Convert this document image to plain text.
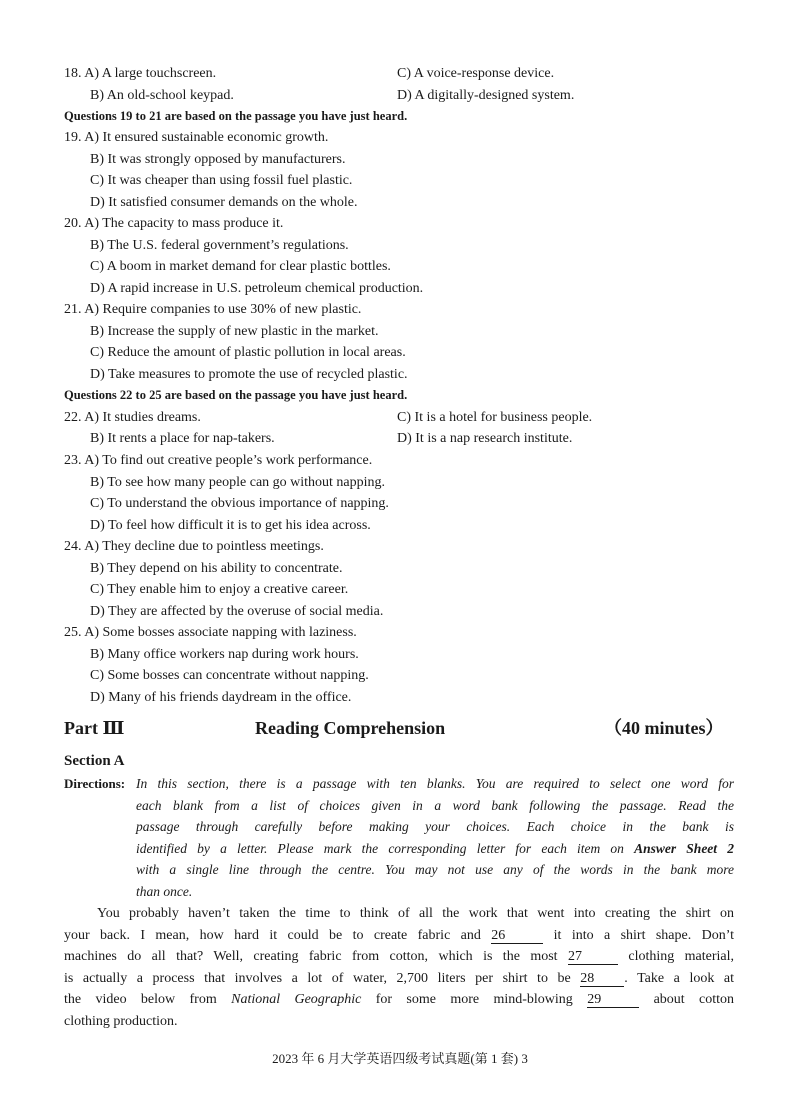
18. A) A large touchscreen.	C) A voice-response device.
B) An old-school keypad.	D) A digitally-designed system.
Questions 19 to 21 are based on the passage you have just heard.
19. A) It ensured sustainable economic growth.
B) It was strongly opposed by manufacturers.
C) It was cheaper than using fossil fuel plastic.
D) It satisfied consumer demands on the whole.
20. A) The capacity to mass produce it.
B) The U.S. federal government’s regulations.
C) A boom in market demand for clear plastic bottles.
D) A rapid increase in U.S. petroleum chemical production.
21. A) Require companies to use 30% of new plastic.
B) Increase the supply of new plastic in the market.
C) Reduce the amount of plastic pollution in local areas.
D) Take measures to promote the use of recycled plastic.
Questions 22 to 25 are based on the passage you have just heard.
22. A) It studies dreams.	C) It is a hotel for business people.
B) It rents a place for nap-takers.	D) It is a nap research institute.
23. A) To find out creative people’s work performance.
B) To see how many people can go without napping.
C) To understand the obvious importance of napping.
D) To feel how difficult it is to get his idea across.
24. A) They decline due to pointless meetings.
B) They depend on his ability to concentrate.
C) They enable him to enjoy a creative career.
D) They are affected by the overuse of social media.
25. A) Some bosses associate napping with laziness.
B) Many office workers nap during work hours.
C) Some bosses can concentrate without napping.
D) Many of his friends daydream in the office.
Part Ⅲ	Reading Comprehension	（40 minutes）
Section A
Directions: In this section, there is a passage with ten blanks. You are required to select one word for
each blank from a list of choices given in a word bank following the passage. Read the
passage through carefully before making your choices. Each choice in the bank is
identified by a letter. Please mark the corresponding letter for each item on Answer Sheet 2
with a single line through the centre. You may not use any of the words in the bank more
than once.
You probably haven’t taken the time to think of all the work that went into creating the shirt on
your back. I mean, how hard it could be to create fabric and 26	it into a shirt shape. Don’t
machines do all that? Well, creating fabric from cotton, which is the most 27	clothing material,
is actually a process that involves a lot of water, 2,700 liters per shirt to be 28 . Take a look at
the video below from National Geographic for some more mind-blowing 29	about cotton
clothing production.
2023 年 6 月大学英语四级考试真题(第 1 套) 3
